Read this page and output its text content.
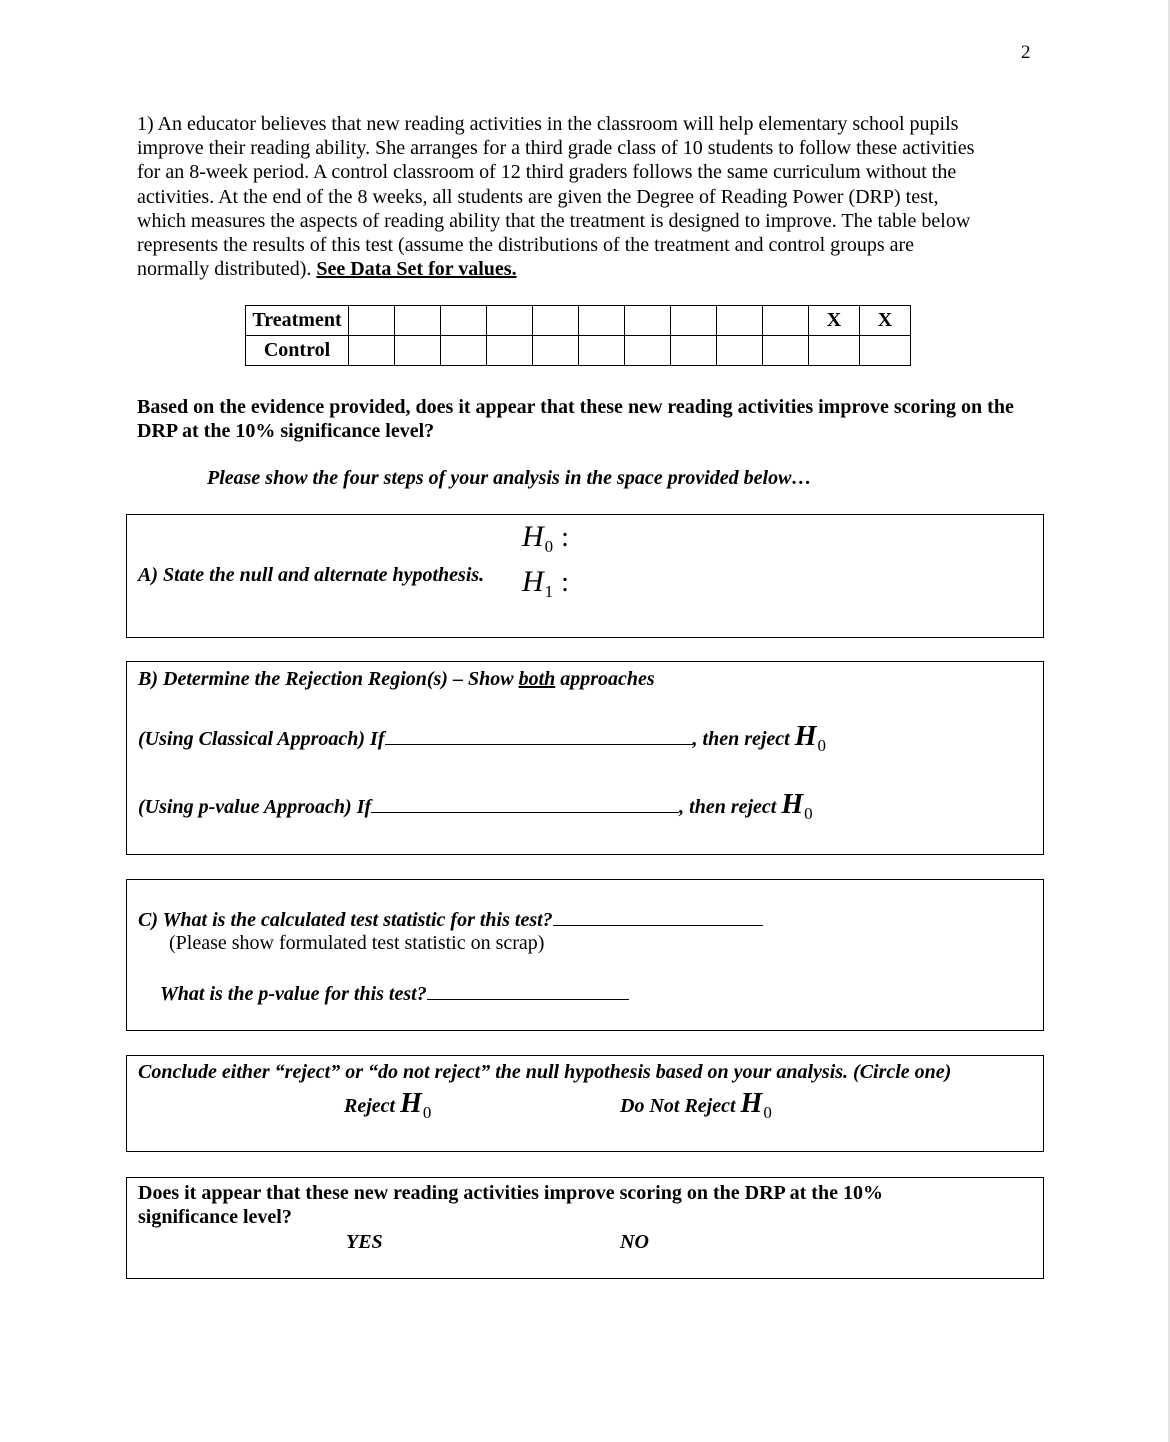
2
1) An educator believes that new reading activities in the classroom will help elementary school pupils
improve their reading ability. She arranges for a third grade class of 10 students to follow these activities
for an 8-week period. A control classroom of 12 third graders follows the same curriculum without the
activities. At the end of the 8 weeks, all students are given the Degree of Reading Power (DRP) test,
which measures the aspects of reading ability that the treatment is designed to improve. The table below
represents the results of this test (assume the distributions of the treatment and control groups are
normally distributed). See Data Set for values.
Treatment											X	X
Control												
Based on the evidence provided, does it appear that these new reading activities improve scoring on the DRP at the 10% significance level?
Please show the four steps of your analysis in the space provided below…
A) State the null and alternate hypothesis.
$H_0$ :
$H_1$ :
B) Determine the Rejection Region(s) – Show both approaches
(Using Classical Approach) If	, then reject $H_0$
(Using p-value Approach) If	, then reject $H_0$
C) What is the calculated test statistic for this test?
(Please show formulated test statistic on scrap)
What is the p-value for this test?
Conclude either “reject” or “do not reject” the null hypothesis based on your analysis. (Circle one)
Reject $H_0$	Do Not Reject $H_0$
Does it appear that these new reading activities improve scoring on the DRP at the 10%
significance level?
YES	NO
